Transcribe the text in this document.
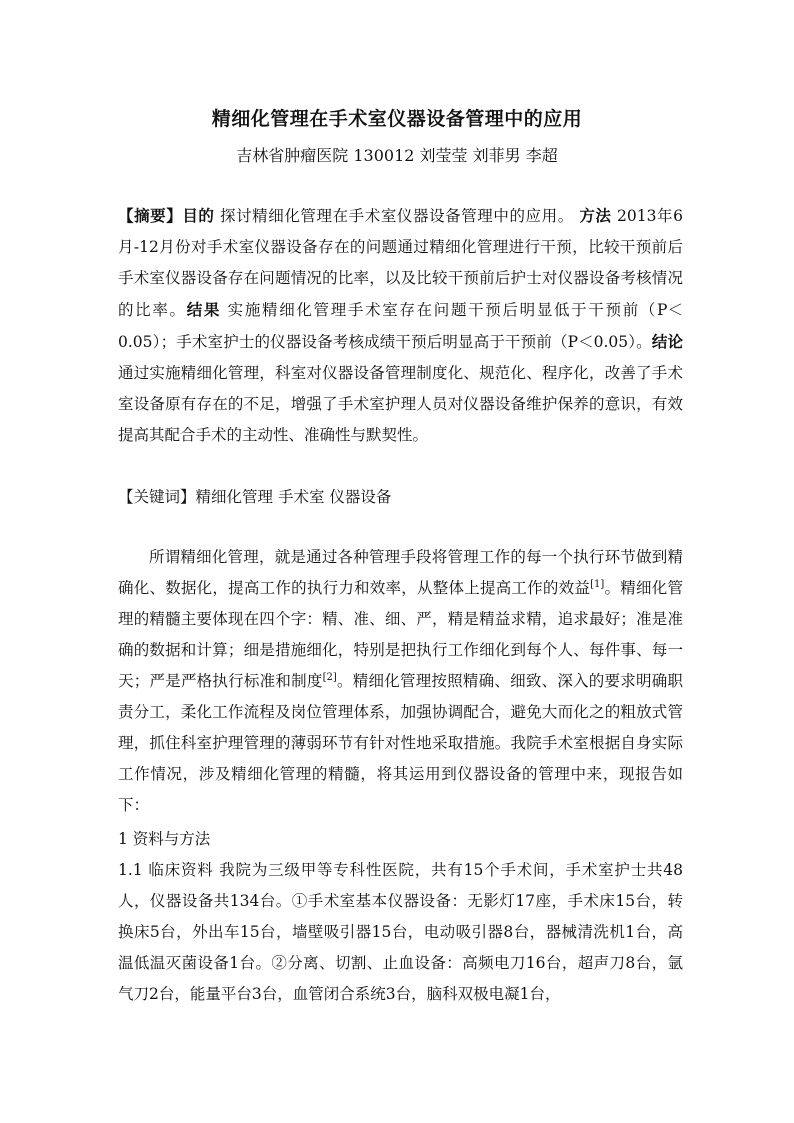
精细化管理在手术室仪器设备管理中的应用
吉林省肿瘤医院 130012 刘莹莹 刘菲男 李超
【摘要】目的 探讨精细化管理在手术室仪器设备管理中的应用。 方法 2013年6月-12月份对手术室仪器设备存在的问题通过精细化管理进行干预，比较干预前后手术室仪器设备存在问题情况的比率，以及比较干预前后护士对仪器设备考核情况的比率。结果 实施精细化管理手术室存在问题干预后明显低于干预前（P＜0.05）；手术室护士的仪器设备考核成绩干预后明显高于干预前（P＜0.05）。结论 通过实施精细化管理，科室对仪器设备管理制度化、规范化、程序化，改善了手术室设备原有存在的不足，增强了手术室护理人员对仪器设备维护保养的意识，有效提高其配合手术的主动性、准确性与默契性。
【关键词】精细化管理 手术室 仪器设备
所谓精细化管理，就是通过各种管理手段将管理工作的每一个执行环节做到精确化、数据化，提高工作的执行力和效率，从整体上提高工作的效益[1]。精细化管理的精髓主要体现在四个字：精、准、细、严，精是精益求精，追求最好；准是准确的数据和计算；细是措施细化，特别是把执行工作细化到每个人、每件事、每一天；严是严格执行标准和制度[2]。精细化管理按照精确、细致、深入的要求明确职责分工，柔化工作流程及岗位管理体系，加强协调配合，避免大而化之的粗放式管理，抓住科室护理管理的薄弱环节有针对性地采取措施。我院手术室根据自身实际工作情况，涉及精细化管理的精髓，将其运用到仪器设备的管理中来，现报告如下：
1 资料与方法
1.1 临床资料 我院为三级甲等专科性医院，共有15个手术间，手术室护士共48人，仪器设备共134台。①手术室基本仪器设备：无影灯17座，手术床15台，转换床5台，外出车15台，墙壁吸引器15台，电动吸引器8台，器械清洗机1台，高温低温灭菌设备1台。②分离、切割、止血设备：高频电刀16台，超声刀8台，氩气刀2台，能量平台3台，血管闭合系统3台，脑科双极电凝1台，
